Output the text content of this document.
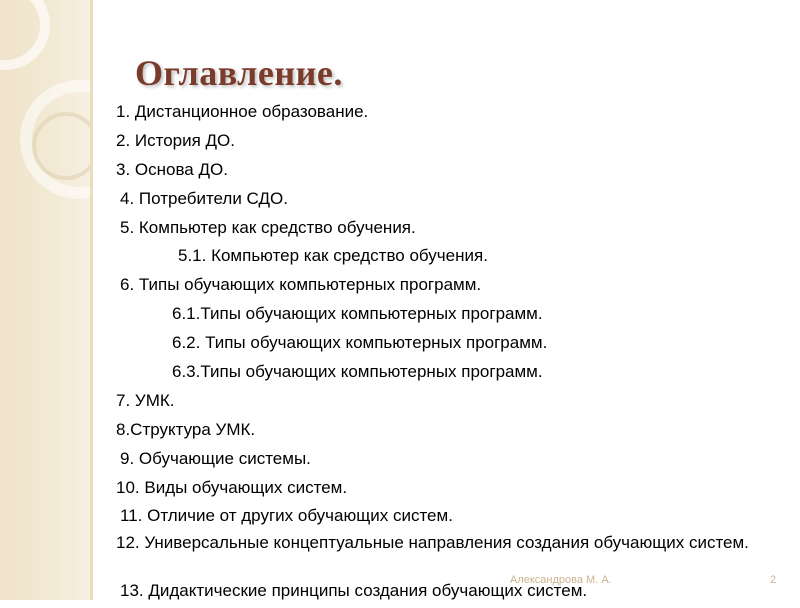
Оглавление.
1. Дистанционное образование.
2. История ДО.
3. Основа ДО.
4. Потребители СДО.
5. Компьютер как средство обучения.
5.1. Компьютер как средство обучения.
6. Типы обучающих компьютерных программ.
6.1.Типы обучающих компьютерных программ.
6.2. Типы обучающих компьютерных программ.
6.3.Типы обучающих компьютерных программ.
7. УМК.
8.Структура УМК.
9. Обучающие системы.
10. Виды обучающих систем.
11. Отличие от других обучающих систем.
12. Универсальные концептуальные направления создания обучающих систем.
13. Дидактические принципы создания обучающих систем.
Александрова М. А.	2
